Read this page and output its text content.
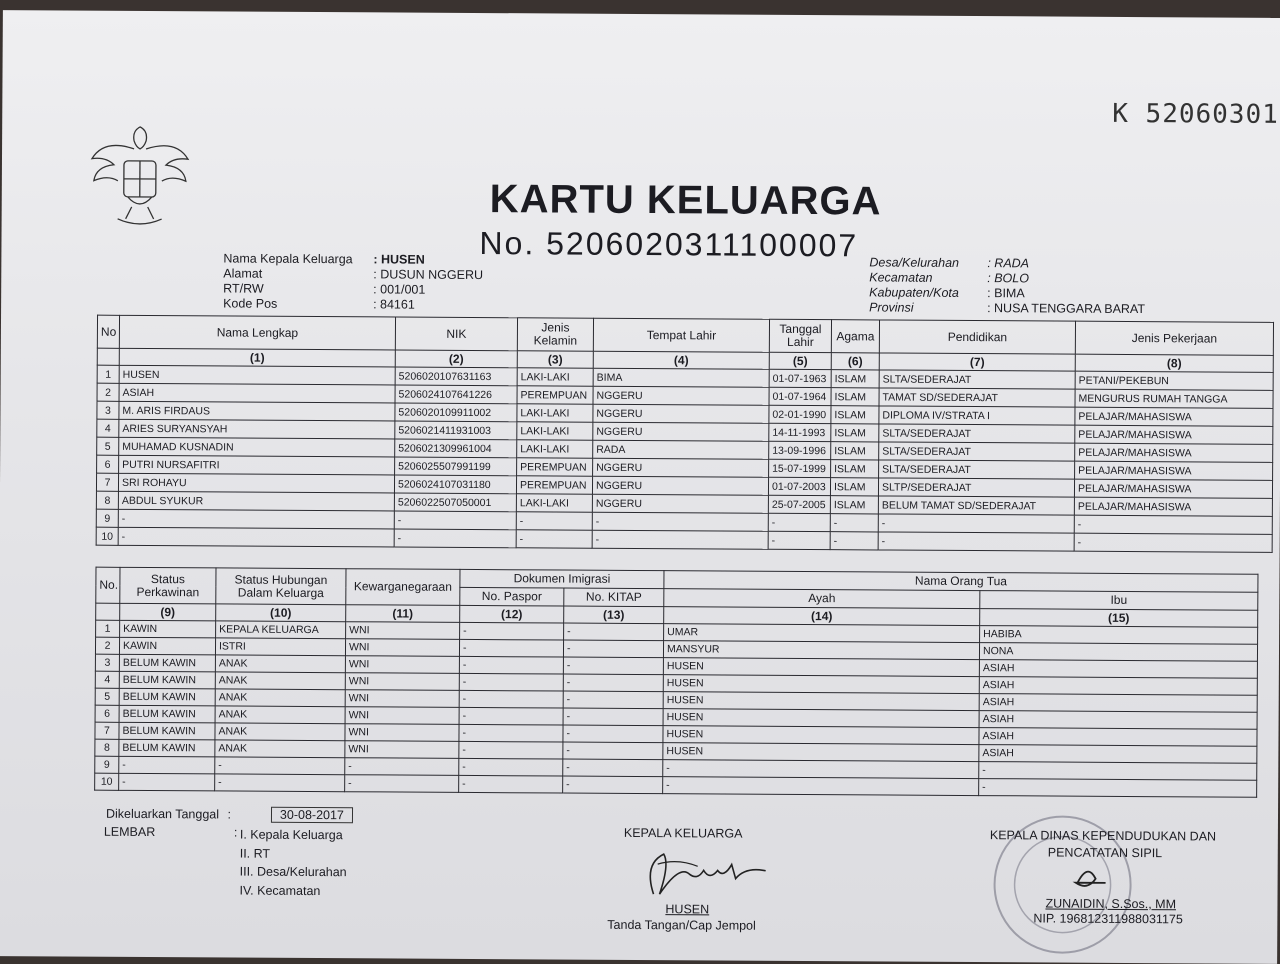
K 52060301
KARTU KELUARGA
No. 5206020311100007
Nama Kepala Keluarga : HUSEN
Alamat	: DUSUN NGGERU
RT/RW	: 001/001
Kode Pos	: 84161
Desa/Kelurahan : RADA
Kecamatan	: BOLO
Kabupaten/Kota : BIMA
Provinsi	: NUSA TENGGARA BARAT
No	Nama Lengkap	NIK	Jenis Kelamin	Tempat Lahir	Tanggal Lahir	Agama	Pendidikan	Jenis Pekerjaan
	(1)	(2)	(3)	(4)	(5)	(6)	(7)	(8)
1	HUSEN	5206020107631163	LAKI-LAKI	BIMA	01-07-1963	ISLAM	SLTA/SEDERAJAT	PETANI/PEKEBUN
2	ASIAH	5206024107641226	PEREMPUAN	NGGERU	01-07-1964	ISLAM	TAMAT SD/SEDERAJAT	MENGURUS RUMAH TANGGA
3	M. ARIS FIRDAUS	5206020109911002	LAKI-LAKI	NGGERU	02-01-1990	ISLAM	DIPLOMA IV/STRATA I	PELAJAR/MAHASISWA
4	ARIES SURYANSYAH	5206021411931003	LAKI-LAKI	NGGERU	14-11-1993	ISLAM	SLTA/SEDERAJAT	PELAJAR/MAHASISWA
5	MUHAMAD KUSNADIN	5206021309961004	LAKI-LAKI	RADA	13-09-1996	ISLAM	SLTA/SEDERAJAT	PELAJAR/MAHASISWA
6	PUTRI NURSAFITRI	5206025507991199	PEREMPUAN	NGGERU	15-07-1999	ISLAM	SLTA/SEDERAJAT	PELAJAR/MAHASISWA
7	SRI ROHAYU	5206024107031180	PEREMPUAN	NGGERU	01-07-2003	ISLAM	SLTP/SEDERAJAT	PELAJAR/MAHASISWA
8	ABDUL SYUKUR	5206022507050001	LAKI-LAKI	NGGERU	25-07-2005	ISLAM	BELUM TAMAT SD/SEDERAJAT	PELAJAR/MAHASISWA
9	-	-	-	-	-	-	-	-
10	-	-	-	-	-	-	-	-
No.	Status Perkawinan	Status Hubungan Dalam Keluarga	Kewarganegaraan	Dokumen Imigrasi		Nama Orang Tua	
				No. Paspor	No. KITAP	Ayah	Ibu
	(9)	(10)	(11)	(12)	(13)	(14)	(15)
1	KAWIN	KEPALA KELUARGA	WNI	-	-	UMAR	HABIBA
2	KAWIN	ISTRI	WNI	-	-	MANSYUR	NONA
3	BELUM KAWIN	ANAK	WNI	-	-	HUSEN	ASIAH
4	BELUM KAWIN	ANAK	WNI	-	-	HUSEN	ASIAH
5	BELUM KAWIN	ANAK	WNI	-	-	HUSEN	ASIAH
6	BELUM KAWIN	ANAK	WNI	-	-	HUSEN	ASIAH
7	BELUM KAWIN	ANAK	WNI	-	-	HUSEN	ASIAH
8	BELUM KAWIN	ANAK	WNI	-	-	HUSEN	ASIAH
9	-	-	-	-	-	-	-
10	-	-	-	-	-	-	-
Dikeluarkan Tanggal :	30-08-2017
LEMBAR	: I. Kepala Keluarga
II. RT
III. Desa/Kelurahan
IV. Kecamatan
KEPALA KELUARGA
HUSEN
Tanda Tangan/Cap Jempol
KEPALA DINAS KEPENDUDUKAN DAN
PENCATATAN SIPIL
ZUNAIDIN, S.Sos., MM
NIP. 196812311988031175
